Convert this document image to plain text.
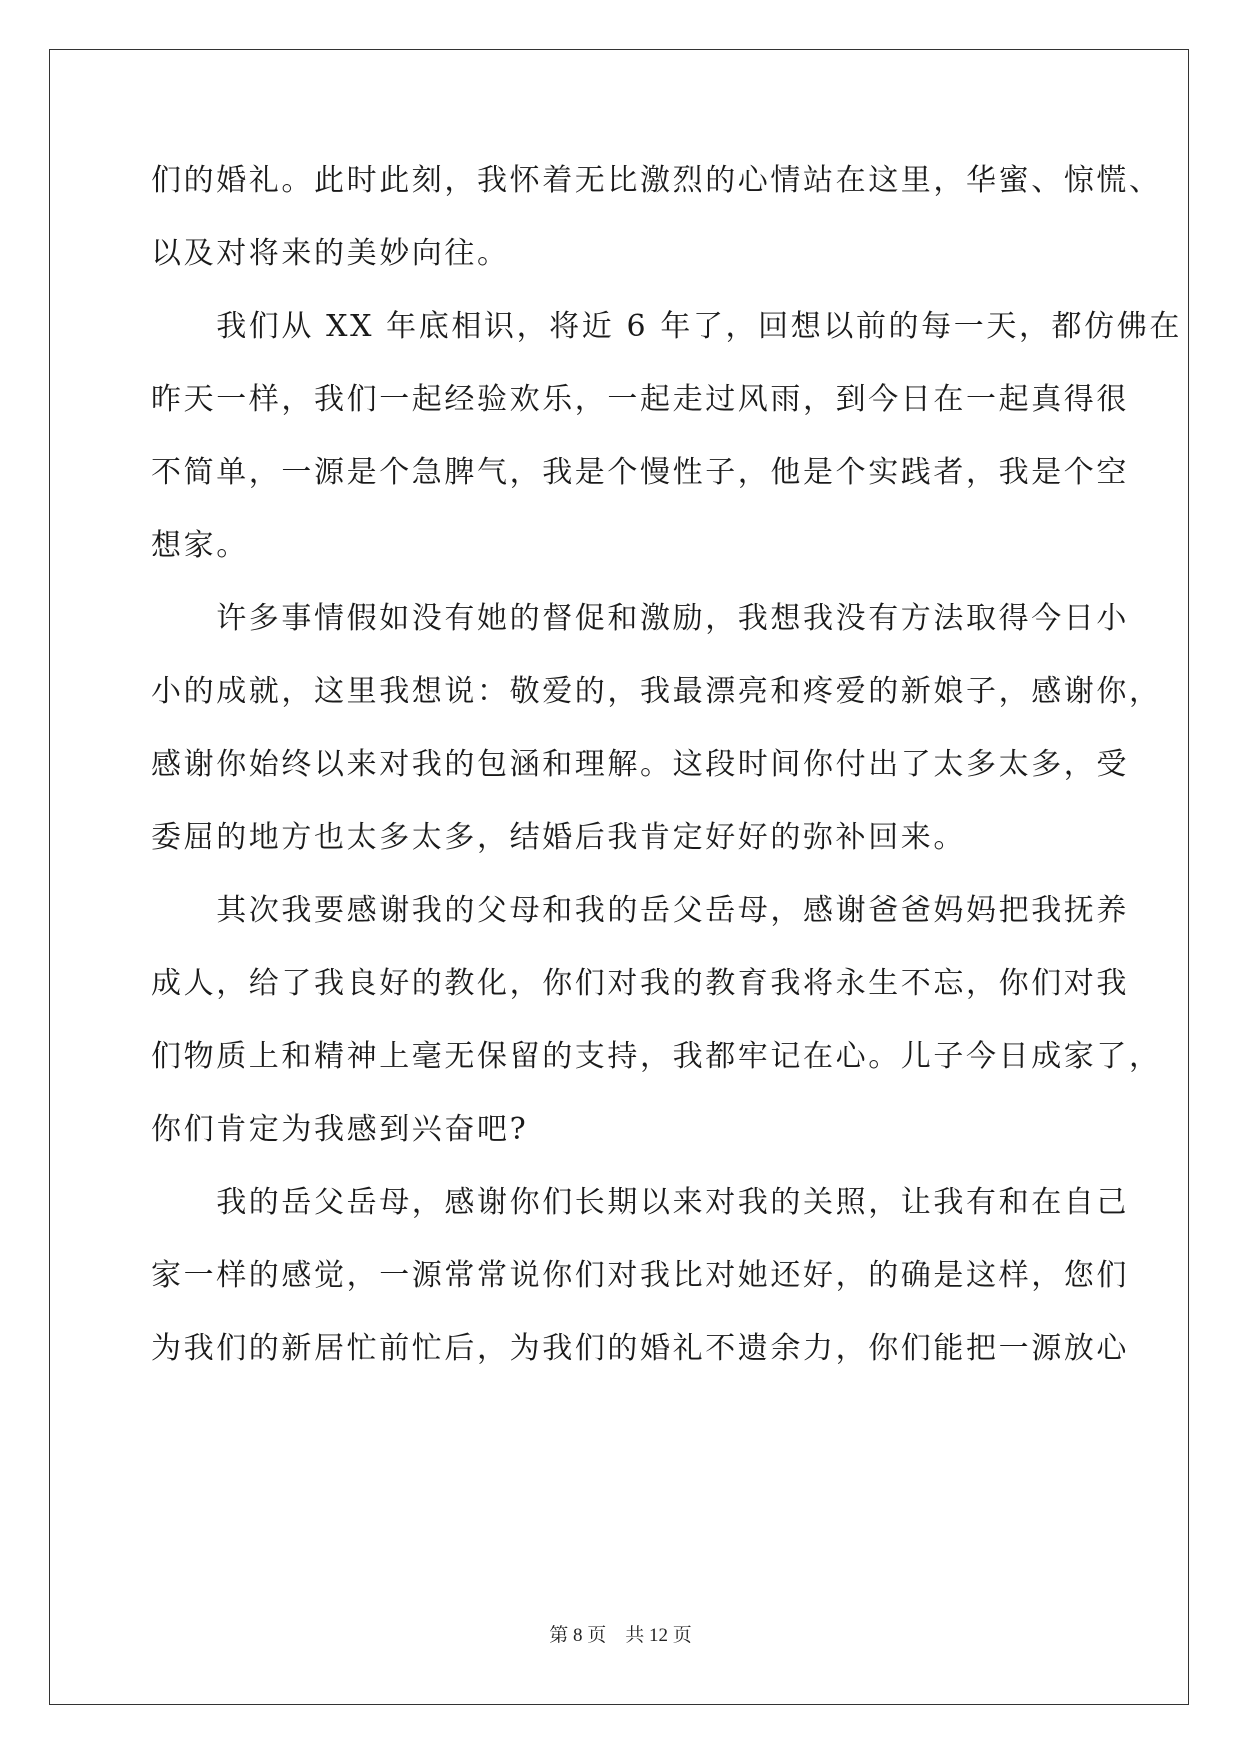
们的婚礼。此时此刻，我怀着无比激烈的心情站在这里，华蜜、惊慌、
以及对将来的美妙向往。
　　我们从 XX 年底相识，将近 6 年了，回想以前的每一天，都仿佛在
昨天一样，我们一起经验欢乐，一起走过风雨，到今日在一起真得很
不简单，一源是个急脾气，我是个慢性子，他是个实践者，我是个空
想家。
　　许多事情假如没有她的督促和激励，我想我没有方法取得今日小
小的成就，这里我想说：敬爱的，我最漂亮和疼爱的新娘子，感谢你，
感谢你始终以来对我的包涵和理解。这段时间你付出了太多太多，受
委屈的地方也太多太多，结婚后我肯定好好的弥补回来。
　　其次我要感谢我的父母和我的岳父岳母，感谢爸爸妈妈把我抚养
成人，给了我良好的教化，你们对我的教育我将永生不忘，你们对我
们物质上和精神上毫无保留的支持，我都牢记在心。儿子今日成家了，
你们肯定为我感到兴奋吧?
　　我的岳父岳母，感谢你们长期以来对我的关照，让我有和在自己
家一样的感觉，一源常常说你们对我比对她还好，的确是这样，您们
为我们的新居忙前忙后，为我们的婚礼不遗余力，你们能把一源放心
第 8 页　共 12 页
